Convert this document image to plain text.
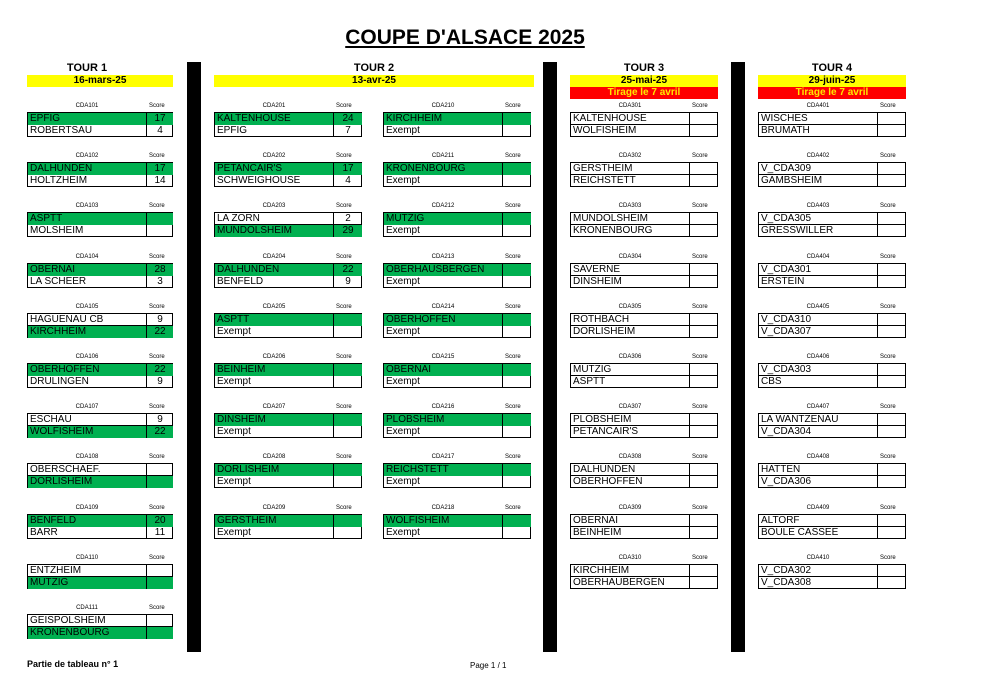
COUPE D'ALSACE 2025
TOUR 1
16-mars-25
TOUR 2
13-avr-25
TOUR 3
25-mai-25
Tirage le 7 avril
TOUR 4
29-juin-25
Tirage le 7 avril
CDA101	Score
EPFIG	17
ROBERTSAU	4
CDA102	Score
DALHUNDEN	17
HOLTZHEIM	14
CDA103	Score
ASPTT
MOLSHEIM
CDA104	Score
OBERNAI	28
LA SCHEER	3
CDA105	Score
HAGUENAU CB	9
KIRCHHEIM	22
CDA106	Score
OBERHOFFEN	22
DRULINGEN	9
CDA107	Score
ESCHAU	9
WOLFISHEIM	22
CDA108	Score
OBERSCHAEF.
DORLISHEIM
CDA109	Score
BENFELD	20
BARR	11
CDA110	Score
ENTZHEIM
MUTZIG
CDA111	Score
GEISPOLSHEIM
KRONENBOURG
CDA201	Score
KALTENHOUSE	24
EPFIG	7
CDA202	Score
PETANCAIR'S	17
SCHWEIGHOUSE	4
CDA203	Score
LA ZORN	2
MUNDOLSHEIM	29
CDA204	Score
DALHUNDEN	22
BENFELD	9
CDA205	Score
ASPTT
Exempt
CDA206	Score
BEINHEIM
Exempt
CDA207	Score
DINSHEIM
Exempt
CDA208	Score
DORLISHEIM
Exempt
CDA209	Score
GERSTHEIM
Exempt
CDA210	Score
KIRCHHEIM
Exempt
CDA211	Score
KRONENBOURG
Exempt
CDA212	Score
MUTZIG
Exempt
CDA213	Score
OBERHAUSBERGEN
Exempt
CDA214	Score
OBERHOFFEN
Exempt
CDA215	Score
OBERNAI
Exempt
CDA216	Score
PLOBSHEIM
Exempt
CDA217	Score
REICHSTETT
Exempt
CDA218	Score
WOLFISHEIM
Exempt
CDA301	Score
KALTENHOUSE
WOLFISHEIM
CDA302	Score
GERSTHEIM
REICHSTETT
CDA303	Score
MUNDOLSHEIM
KRONENBOURG
CDA304	Score
SAVERNE
DINSHEIM
CDA305	Score
ROTHBACH
DORLISHEIM
CDA306	Score
MUTZIG
ASPTT
CDA307	Score
PLOBSHEIM
PETANCAIR'S
CDA308	Score
DALHUNDEN
OBERHOFFEN
CDA309	Score
OBERNAI
BEINHEIM
CDA310	Score
KIRCHHEIM
OBERHAUBERGEN
CDA401	Score
WISCHES
BRUMATH
CDA402	Score
V_CDA309
GAMBSHEIM
CDA403	Score
V_CDA305
GRESSWILLER
CDA404	Score
V_CDA301
ERSTEIN
CDA405	Score
V_CDA310
V_CDA307
CDA406	Score
V_CDA303
CBS
CDA407	Score
LA WANTZENAU
V_CDA304
CDA408	Score
HATTEN
V_CDA306
CDA409	Score
ALTORF
BOULE CASSEE
CDA410	Score
V_CDA302
V_CDA308
Partie de tableau n° 1	Page 1 / 1
